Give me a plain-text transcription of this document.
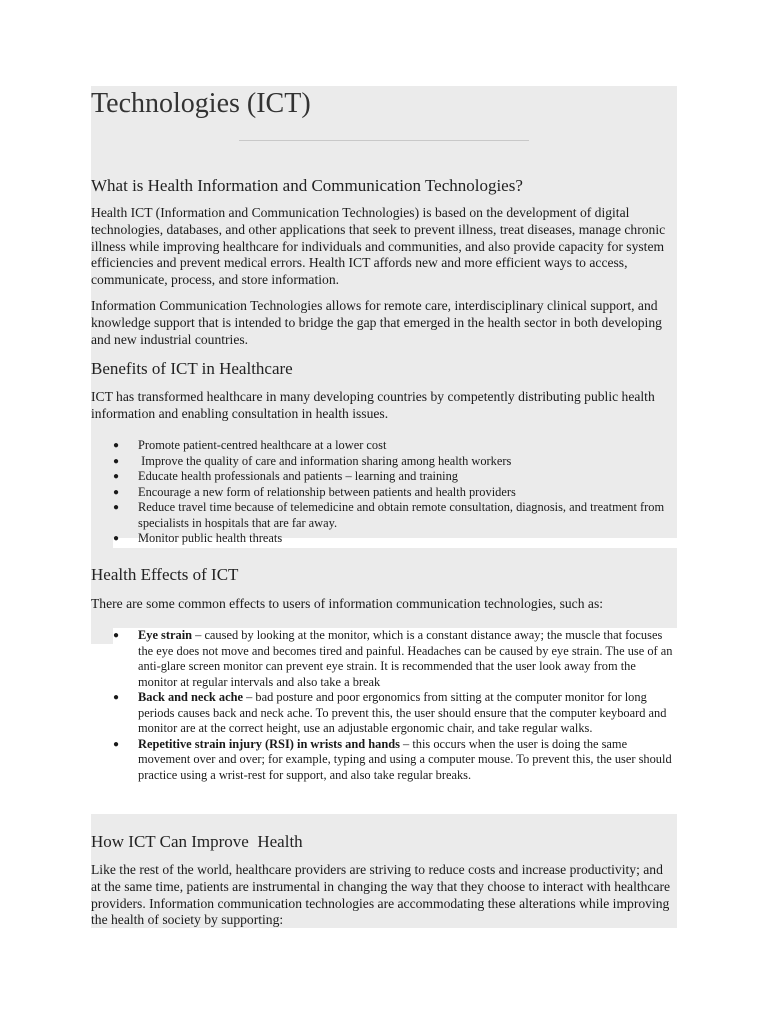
Technologies (ICT)
What is Health Information and Communication Technologies?

Health ICT (Information and Communication Technologies) is based on the development of digital technologies, databases, and other applications that seek to prevent illness, treat diseases, manage chronic illness while improving healthcare for individuals and communities, and also provide capacity for system efficiencies and prevent medical errors. Health ICT affords new and more efficient ways to access, communicate, process, and store information.

Information Communication Technologies allows for remote care, interdisciplinary clinical support, and knowledge support that is intended to bridge the gap that emerged in the health sector in both developing and new industrial countries.

Benefits of ICT in Healthcare

ICT has transformed healthcare in many developing countries by competently distributing public health information and enabling consultation in health issues.

● Promote patient-centred healthcare at a lower cost
● Improve the quality of care and information sharing among health workers
● Educate health professionals and patients – learning and training
● Encourage a new form of relationship between patients and health providers
● Reduce travel time because of telemedicine and obtain remote consultation, diagnosis, and treatment from specialists in hospitals that are far away.
● Monitor public health threats
Health Effects of ICT

There are some common effects to users of information communication technologies, such as:

● Eye strain – caused by looking at the monitor, which is a constant distance away; the muscle that focuses the eye does not move and becomes tired and painful. Headaches can be caused by eye strain. The use of an anti-glare screen monitor can prevent eye strain. It is recommended that the user look away from the monitor at regular intervals and also take a break
● Back and neck ache – bad posture and poor ergonomics from sitting at the computer monitor for long periods causes back and neck ache. To prevent this, the user should ensure that the computer keyboard and monitor are at the correct height, use an adjustable ergonomic chair, and take regular walks.
● Repetitive strain injury (RSI) in wrists and hands – this occurs when the user is doing the same movement over and over; for example, typing and using a computer mouse. To prevent this, the user should practice using a wrist-rest for support, and also take regular breaks.
How ICT Can Improve  Health

Like the rest of the world, healthcare providers are striving to reduce costs and increase productivity; and at the same time, patients are instrumental in changing the way that they choose to interact with healthcare providers. Information communication technologies are accommodating these alterations while improving the health of society by supporting:
